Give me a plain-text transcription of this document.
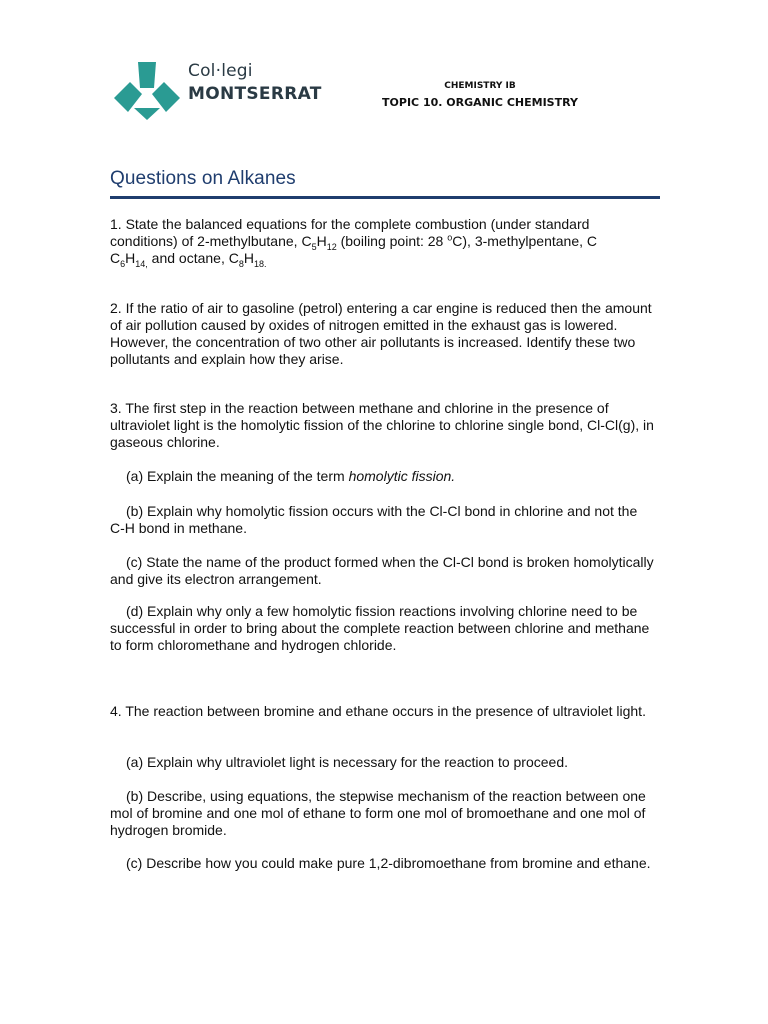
Col·legi
MONTSERRAT	CHEMISTRY IB
TOPIC 10. ORGANIC CHEMISTRY
Questions on Alkanes

1. State the balanced equations for the complete combustion (under standard conditions) of 2-methylbutane, $C_5H_{12}$ (boiling point: 28 $^o$C), 3-methylpentane, C
$C_6H_{14,}$ and octane, $C_8H_{18.}$

2. If the ratio of air to gasoline (petrol) entering a car engine is reduced then the amount of air pollution caused by oxides of nitrogen emitted in the exhaust gas is lowered. However, the concentration of two other air pollutants is increased. Identify these two pollutants and explain how they arise.

3. The first step in the reaction between methane and chlorine in the presence of ultraviolet light is the homolytic fission of the chlorine to chlorine single bond, Cl-Cl(g), in gaseous chlorine.

(a) Explain the meaning of the term homolytic fission.

(b) Explain why homolytic fission occurs with the Cl-Cl bond in chlorine and not the C-H bond in methane.

(c) State the name of the product formed when the Cl-Cl bond is broken homolytically and give its electron arrangement.

(d) Explain why only a few homolytic fission reactions involving chlorine need to be successful in order to bring about the complete reaction between chlorine and methane to form chloromethane and hydrogen chloride.

4. The reaction between bromine and ethane occurs in the presence of ultraviolet light.

(a) Explain why ultraviolet light is necessary for the reaction to proceed.

(b) Describe, using equations, the stepwise mechanism of the reaction between one mol of bromine and one mol of ethane to form one mol of bromoethane and one mol of hydrogen bromide.

(c) Describe how you could make pure 1,2-dibromoethane from bromine and ethane.
